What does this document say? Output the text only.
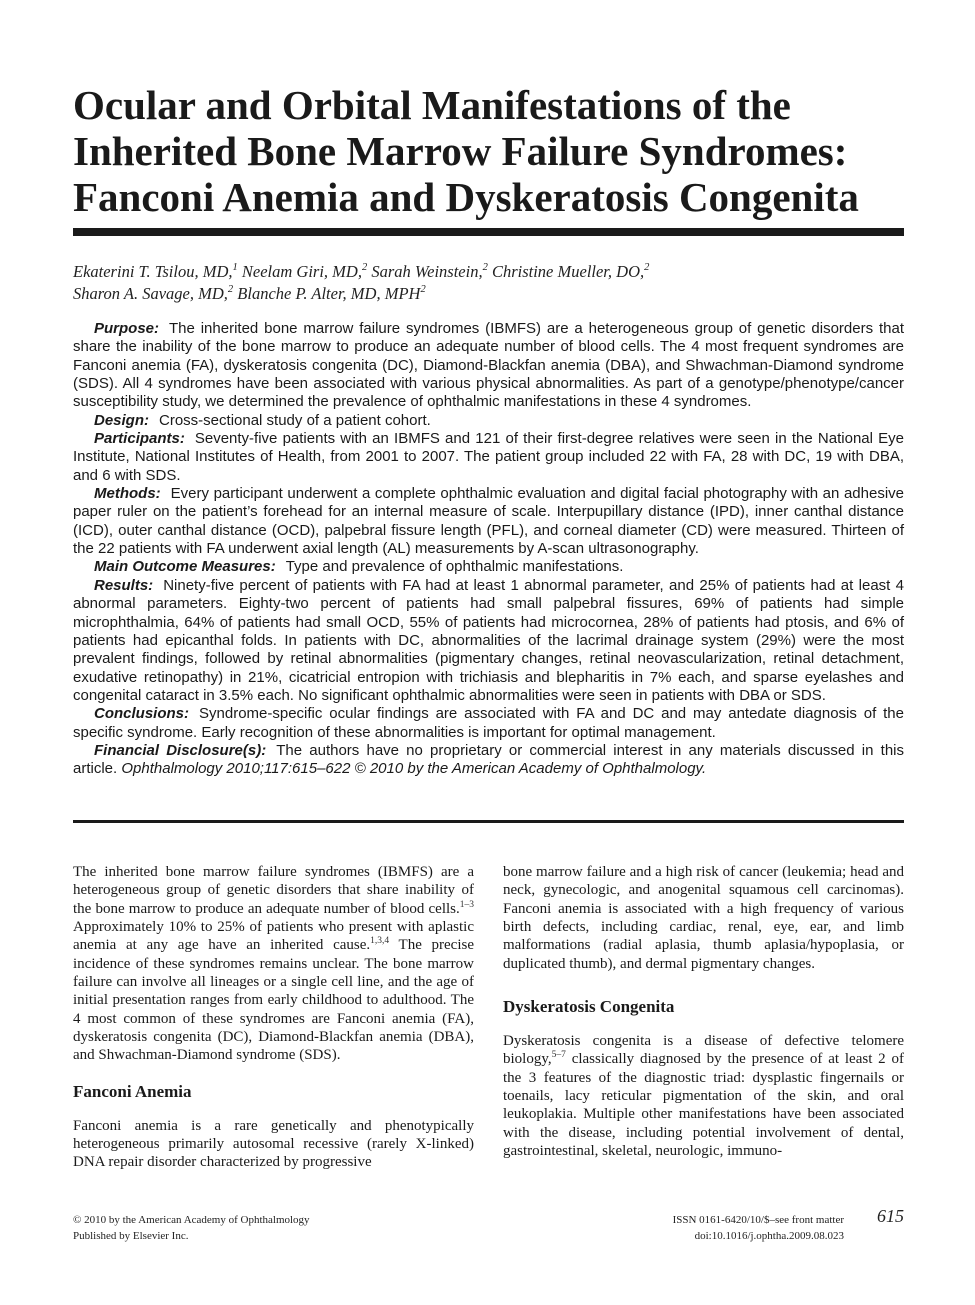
Ocular and Orbital Manifestations of the
Inherited Bone Marrow Failure Syndromes:
Fanconi Anemia and Dyskeratosis Congenita
Ekaterini T. Tsilou, MD,$^1$ Neelam Giri, MD,$^2$ Sarah Weinstein,$^2$ Christine Mueller, DO,$^2$
Sharon A. Savage, MD,$^2$ Blanche P. Alter, MD, MPH$^2$

Purpose: The inherited bone marrow failure syndromes (IBMFS) are a heterogeneous group of genetic disorders that share the inability of the bone marrow to produce an adequate number of blood cells. The 4 most frequent syndromes are Fanconi anemia (FA), dyskeratosis congenita (DC), Diamond-Blackfan anemia (DBA), and Shwachman-Diamond syndrome (SDS). All 4 syndromes have been associated with various physical abnormalities. As part of a genotype/phenotype/cancer susceptibility study, we determined the prevalence of ophthalmic manifestations in these 4 syndromes.

Design: Cross-sectional study of a patient cohort.

Participants: Seventy-five patients with an IBMFS and 121 of their first-degree relatives were seen in the National Eye Institute, National Institutes of Health, from 2001 to 2007. The patient group included 22 with FA, 28 with DC, 19 with DBA, and 6 with SDS.

Methods: Every participant underwent a complete ophthalmic evaluation and digital facial photography with an adhesive paper ruler on the patient’s forehead for an internal measure of scale. Interpupillary distance (IPD), inner canthal distance (ICD), outer canthal distance (OCD), palpebral fissure length (PFL), and corneal diameter (CD) were measured. Thirteen of the 22 patients with FA underwent axial length (AL) measurements by A-scan ultrasonography.

Main Outcome Measures: Type and prevalence of ophthalmic manifestations.

Results: Ninety-five percent of patients with FA had at least 1 abnormal parameter, and 25% of patients had at least 4 abnormal parameters. Eighty-two percent of patients had small palpebral fissures, 69% of patients had simple microphthalmia, 64% of patients had small OCD, 55% of patients had microcornea, 28% of patients had ptosis, and 6% of patients had epicanthal folds. In patients with DC, abnormalities of the lacrimal drainage system (29%) were the most prevalent findings, followed by retinal abnormalities (pigmentary changes, retinal neovascularization, retinal detachment, exudative retinopathy) in 21%, cicatricial entropion with trichiasis and blepharitis in 7% each, and sparse eyelashes and congenital cataract in 3.5% each. No significant ophthalmic abnormalities were seen in patients with DBA or SDS.

Conclusions: Syndrome-specific ocular findings are associated with FA and DC and may antedate diagnosis of the specific syndrome. Early recognition of these abnormalities is important for optimal management.

Financial Disclosure(s): The authors have no proprietary or commercial interest in any materials discussed in this article. Ophthalmology 2010;117:615–622 © 2010 by the American Academy of Ophthalmology.

The inherited bone marrow failure syndromes (IBMFS) are a heterogeneous group of genetic disorders that share inability of the bone marrow to produce an adequate number of blood cells.$^{1-3}$ Approximately 10% to 25% of patients who present with aplastic anemia at any age have an inherited cause.$^{1,3,4}$ The precise incidence of these syndromes remains unclear. The bone marrow failure can involve all lineages or a single cell line, and the age of initial presentation ranges from early childhood to adulthood. The 4 most common of these syndromes are Fanconi anemia (FA), dyskeratosis congenita (DC), Diamond-Blackfan anemia (DBA), and Shwachman-Diamond syndrome (SDS).

Fanconi Anemia

Fanconi anemia is a rare genetically and phenotypically heterogeneous primarily autosomal recessive (rarely X-linked) DNA repair disorder characterized by progressive

bone marrow failure and a high risk of cancer (leukemia; head and neck, gynecologic, and anogenital squamous cell carcinomas). Fanconi anemia is associated with a high frequency of various birth defects, including cardiac, renal, eye, ear, and limb malformations (radial aplasia, thumb aplasia/hypoplasia, or duplicated thumb), and dermal pigmentary changes.

Dyskeratosis Congenita

Dyskeratosis congenita is a disease of defective telomere biology,$^{5-7}$ classically diagnosed by the presence of at least 2 of the 3 features of the diagnostic triad: dysplastic fingernails or toenails, lacy reticular pigmentation of the skin, and oral leukoplakia. Multiple other manifestations have been associated with the disease, including potential involvement of dental, gastrointestinal, skeletal, neurologic, immuno-

© 2010 by the American Academy of Ophthalmology
Published by Elsevier Inc.
ISSN 0161-6420/10/$–see front matter
doi:10.1016/j.ophtha.2009.08.023
615
